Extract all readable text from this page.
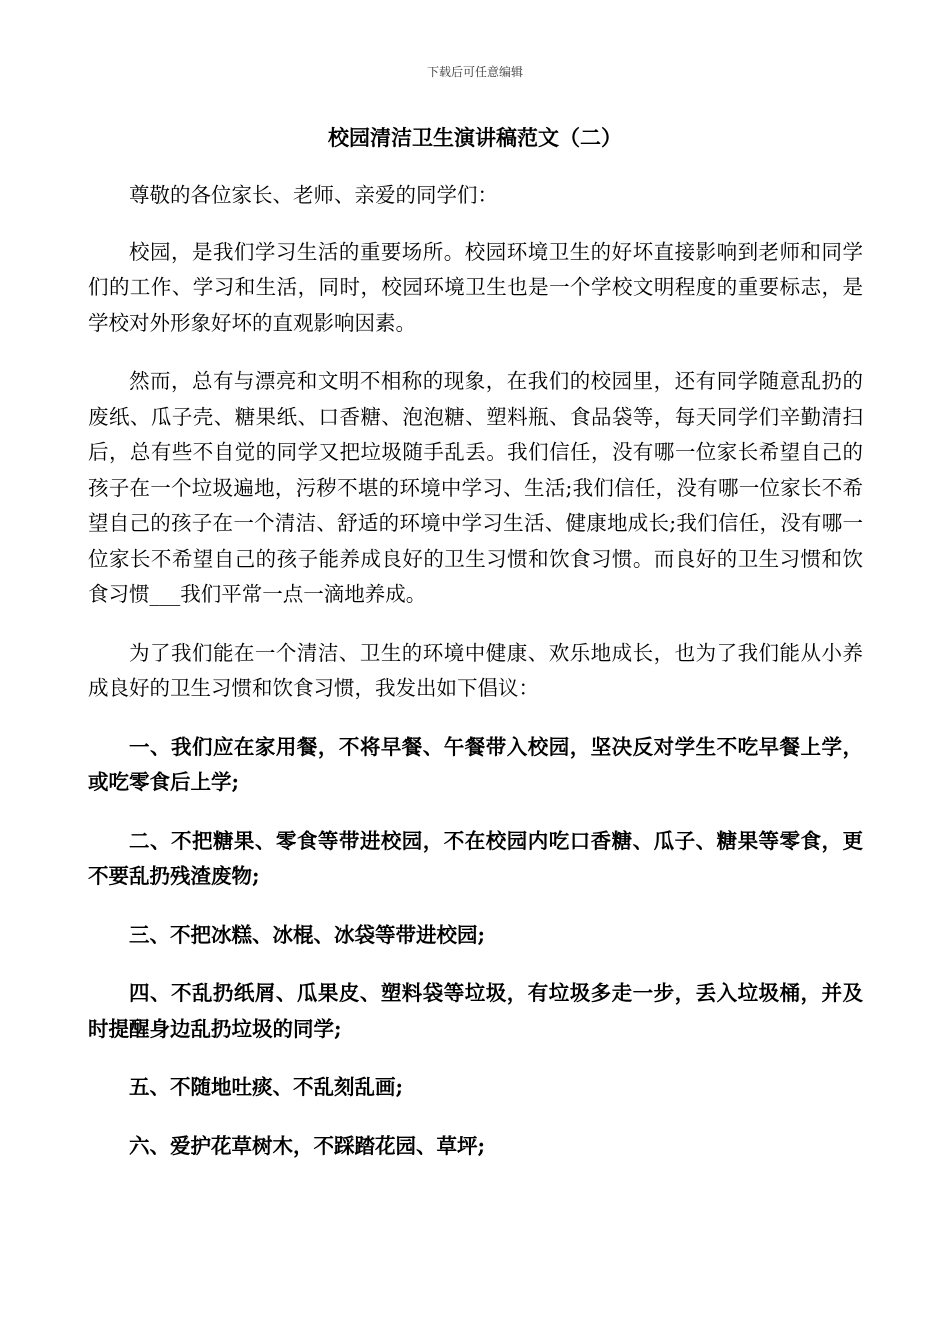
下载后可任意编辑
校园清洁卫生演讲稿范文（二）

尊敬的各位家长、老师、亲爱的同学们：

校园，是我们学习生活的重要场所。校园环境卫生的好坏直接影响到老师和同学们的工作、学习和生活，同时，校园环境卫生也是一个学校文明程度的重要标志，是学校对外形象好坏的直观影响因素。

然而，总有与漂亮和文明不相称的现象，在我们的校园里，还有同学随意乱扔的废纸、瓜子壳、糖果纸、口香糖、泡泡糖、塑料瓶、食品袋等，每天同学们辛勤清扫后，总有些不自觉的同学又把垃圾随手乱丢。我们信任，没有哪一位家长希望自己的孩子在一个垃圾遍地，污秽不堪的环境中学习、生活;我们信任，没有哪一位家长不希望自己的孩子在一个清洁、舒适的环境中学习生活、健康地成长;我们信任，没有哪一位家长不希望自己的孩子能养成良好的卫生习惯和饮食习惯。而良好的卫生习惯和饮食习惯___我们平常一点一滴地养成。

为了我们能在一个清洁、卫生的环境中健康、欢乐地成长，也为了我们能从小养成良好的卫生习惯和饮食习惯，我发出如下倡议：

一、我们应在家用餐，不将早餐、午餐带入校园，坚决反对学生不吃早餐上学，或吃零食后上学;

二、不把糖果、零食等带进校园，不在校园内吃口香糖、瓜子、糖果等零食，更不要乱扔残渣废物;

三、不把冰糕、冰棍、冰袋等带进校园;

四、不乱扔纸屑、瓜果皮、塑料袋等垃圾，有垃圾多走一步，丢入垃圾桶，并及时提醒身边乱扔垃圾的同学;

五、不随地吐痰、不乱刻乱画;

六、爱护花草树木，不踩踏花园、草坪;
